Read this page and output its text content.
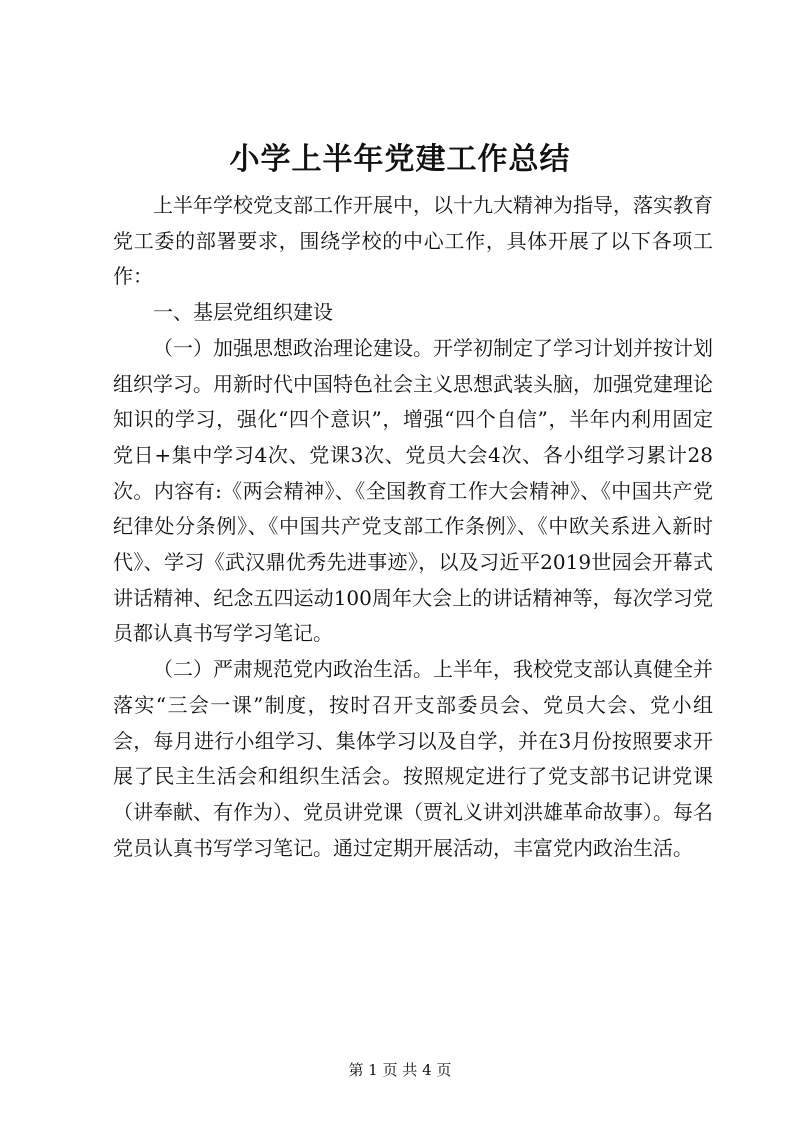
小学上半年党建工作总结

上半年学校党支部工作开展中，以十九大精神为指导，落实教育党工委的部署要求，围绕学校的中心工作，具体开展了以下各项工作：

一、基层党组织建设

（一）加强思想政治理论建设。开学初制定了学习计划并按计划组织学习。用新时代中国特色社会主义思想武装头脑，加强党建理论知识的学习，强化“四个意识”，增强“四个自信”，半年内利用固定党日+集中学习4次、党课3次、党员大会4次、各小组学习累计28次。内容有:《两会精神》、《全国教育工作大会精神》、《中国共产党纪律处分条例》、《中国共产党支部工作条例》、《中欧关系进入新时代》、学习《武汉鼎优秀先进事迹》，以及习近平2019世园会开幕式讲话精神、纪念五四运动100周年大会上的讲话精神等，每次学习党员都认真书写学习笔记。

（二）严肃规范党内政治生活。上半年，我校党支部认真健全并落实“三会一课”制度，按时召开支部委员会、党员大会、党小组会，每月进行小组学习、集体学习以及自学，并在3月份按照要求开展了民主生活会和组织生活会。按照规定进行了党支部书记讲党课（讲奉献、有作为）、党员讲党课（贾礼义讲刘洪雄革命故事）。每名党员认真书写学习笔记。通过定期开展活动，丰富党内政治生活。

第 1 页 共 4 页
